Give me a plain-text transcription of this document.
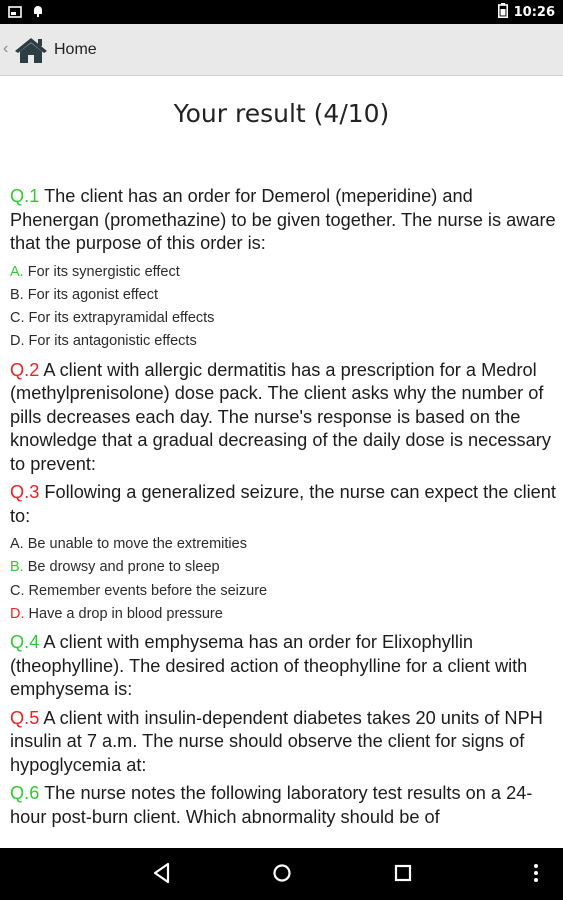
10:26
‹	Home
Your result (4/10)
Q.1 The client has an order for Demerol (meperidine) and Phenergan (promethazine) to be given together. The nurse is aware that the purpose of this order is:
A. For its synergistic effect
B. For its agonist effect
C. For its extrapyramidal effects
D. For its antagonistic effects
Q.2 A client with allergic dermatitis has a prescription for a Medrol (methylprenisolone) dose pack. The client asks why the number of pills decreases each day. The nurse's response is based on the knowledge that a gradual decreasing of the daily dose is necessary to prevent:
Q.3 Following a generalized seizure, the nurse can expect the client to:
A. Be unable to move the extremities
B. Be drowsy and prone to sleep
C. Remember events before the seizure
D. Have a drop in blood pressure
Q.4 A client with emphysema has an order for Elixophyllin (theophylline). The desired action of theophylline for a client with emphysema is:
Q.5 A client with insulin-dependent diabetes takes 20 units of NPH insulin at 7 a.m. The nurse should observe the client for signs of hypoglycemia at:
Q.6 The nurse notes the following laboratory test results on a 24-hour post-burn client. Which abnormality should be of
